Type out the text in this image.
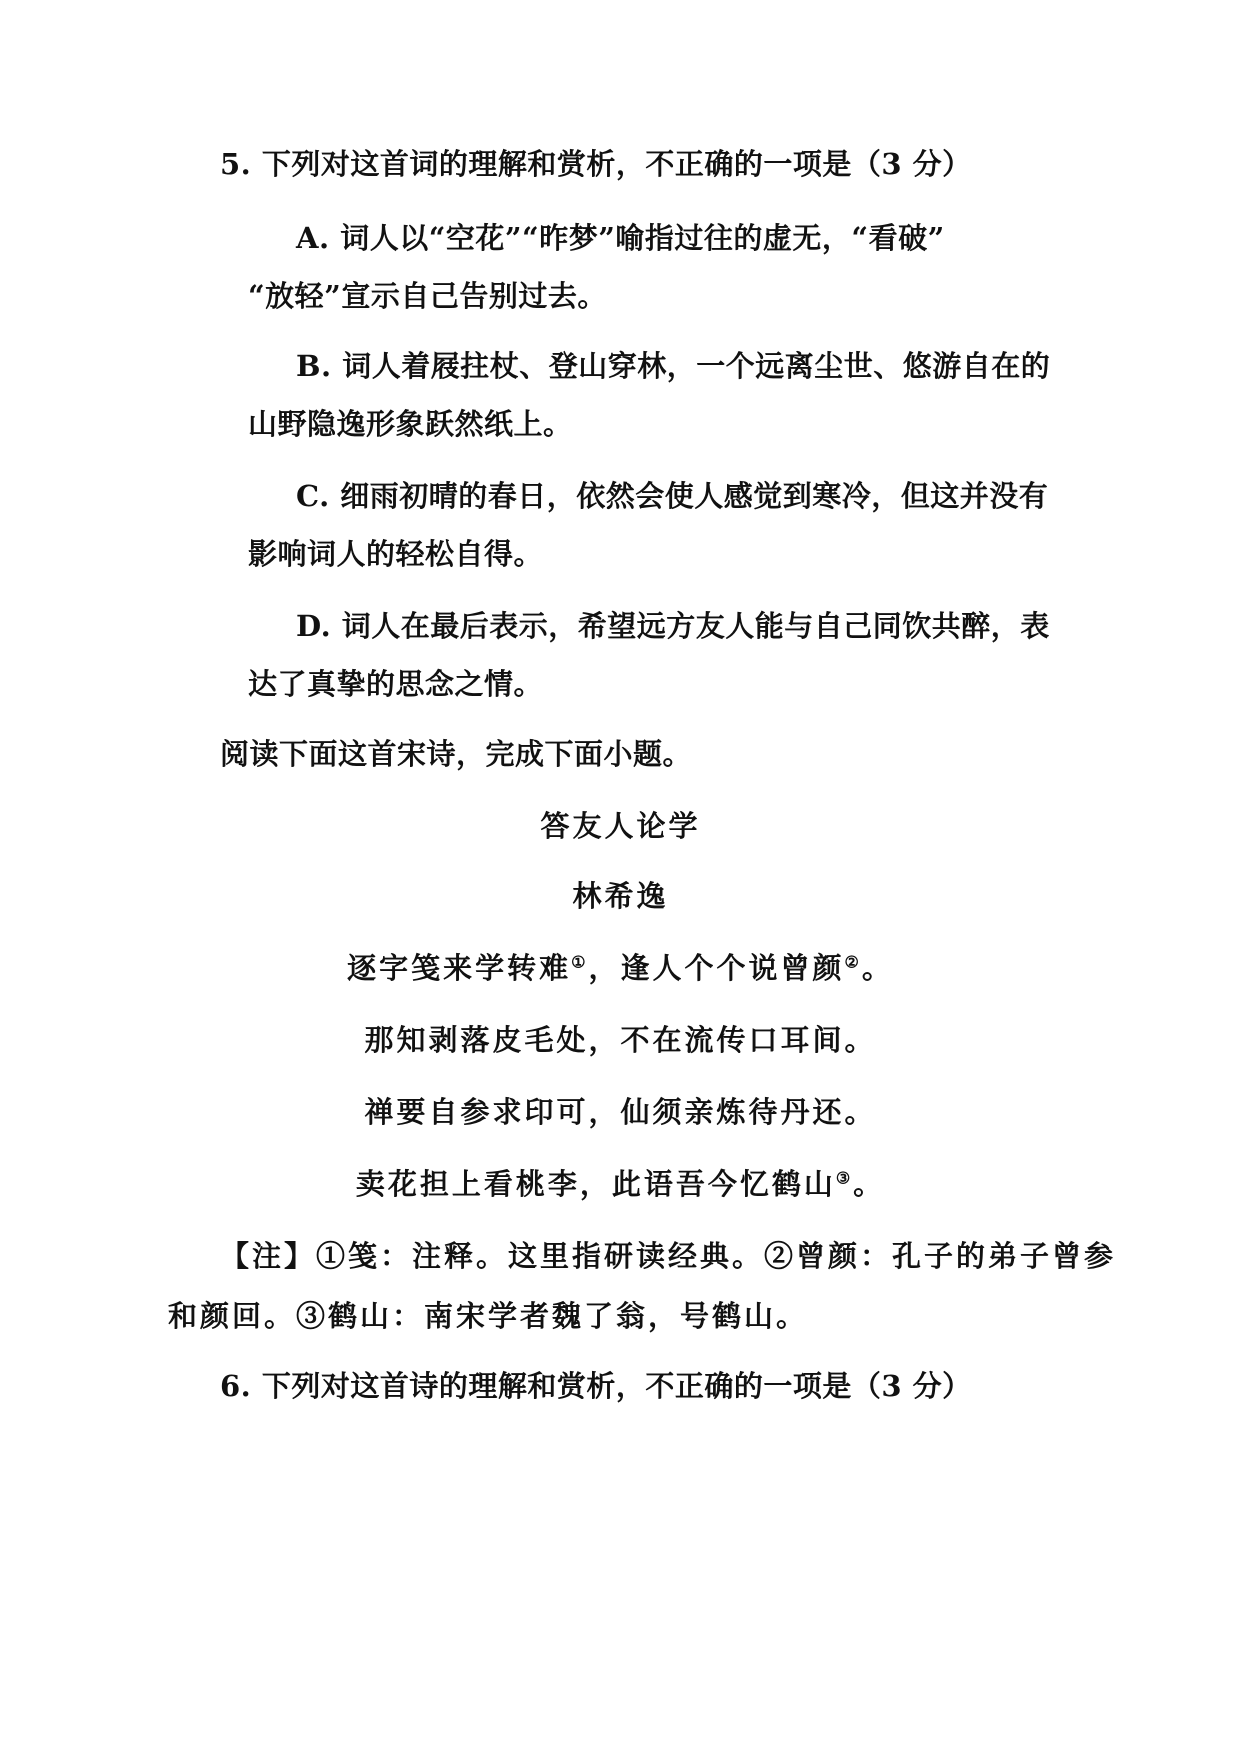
5. 下列对这首词的理解和赏析，不正确的一项是（3 分）
A. 词人以“空花”“昨梦”喻指过往的虚无，“看破”
“放轻”宣示自己告别过去。
B. 词人着屐拄杖、登山穿林，一个远离尘世、悠游自在的
山野隐逸形象跃然纸上。
C. 细雨初晴的春日，依然会使人感觉到寒冷，但这并没有
影响词人的轻松自得。
D. 词人在最后表示，希望远方友人能与自己同饮共醉，表
达了真挚的思念之情。
阅读下面这首宋诗，完成下面小题。
答友人论学
林希逸
逐字笺来学转难①，逢人个个说曾颜②。
那知剥落皮毛处，不在流传口耳间。
禅要自参求印可，仙须亲炼待丹还。
卖花担上看桃李，此语吾今忆鹤山③。
【注】①笺：注释。这里指研读经典。②曾颜：孔子的弟子曾参
和颜回。③鹤山：南宋学者魏了翁，号鹤山。
6. 下列对这首诗的理解和赏析，不正确的一项是（3 分）
